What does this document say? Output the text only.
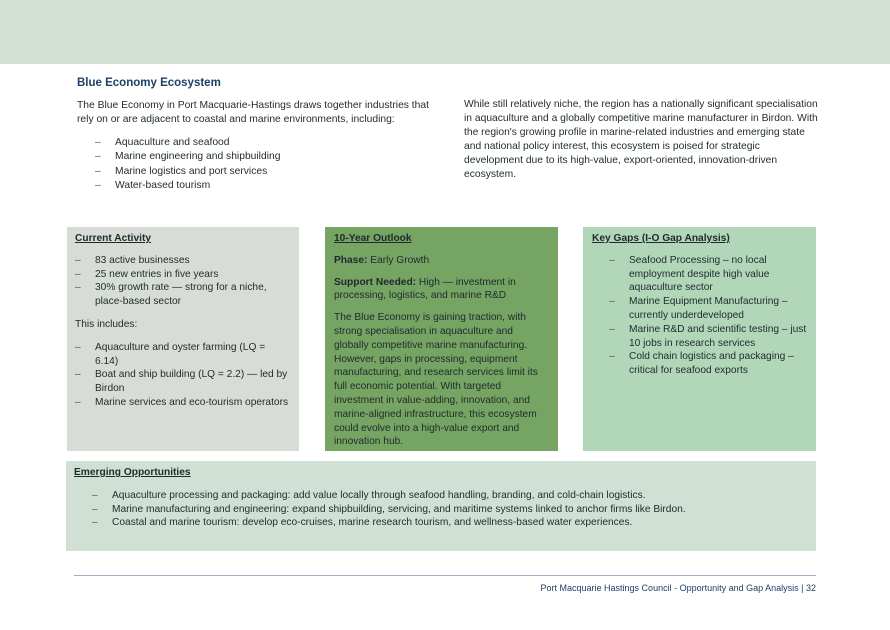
Blue Economy Ecosystem

The Blue Economy in Port Macquarie-Hastings draws together industries that rely on or are adjacent to coastal and marine environments, including:

– Aquaculture and seafood
– Marine engineering and shipbuilding
– Marine logistics and port services
– Water-based tourism

While still relatively niche, the region has a nationally significant specialisation in aquaculture and a globally competitive marine manufacturer in Birdon. With the region's growing profile in marine-related industries and emerging state and national policy interest, this ecosystem is poised for strategic development due to its high-value, export-oriented, innovation-driven ecosystem.

Current Activity

– 83 active businesses
– 25 new entries in five years
– 30% growth rate — strong for a niche, place-based sector

This includes:

– Aquaculture and oyster farming (LQ = 6.14)
– Boat and ship building (LQ = 2.2) — led by Birdon
– Marine services and eco-tourism operators

10-Year Outlook

Phase: Early Growth

Support Needed: High — investment in processing, logistics, and marine R&D

The Blue Economy is gaining traction, with strong specialisation in aquaculture and globally competitive marine manufacturing. However, gaps in processing, equipment manufacturing, and research services limit its full economic potential. With targeted investment in value-adding, innovation, and marine-aligned infrastructure, this ecosystem could evolve into a high-value export and innovation hub.

Key Gaps (I-O Gap Analysis)

– Seafood Processing – no local employment despite high value aquaculture sector
– Marine Equipment Manufacturing – currently underdeveloped
– Marine R&D and scientific testing – just 10 jobs in research services
– Cold chain logistics and packaging – critical for seafood exports

Emerging Opportunities

– Aquaculture processing and packaging: add value locally through seafood handling, branding, and cold-chain logistics.
– Marine manufacturing and engineering: expand shipbuilding, servicing, and maritime systems linked to anchor firms like Birdon.
– Coastal and marine tourism: develop eco-cruises, marine research tourism, and wellness-based water experiences.
Port Macquarie Hastings Council - Opportunity and Gap Analysis | 32
